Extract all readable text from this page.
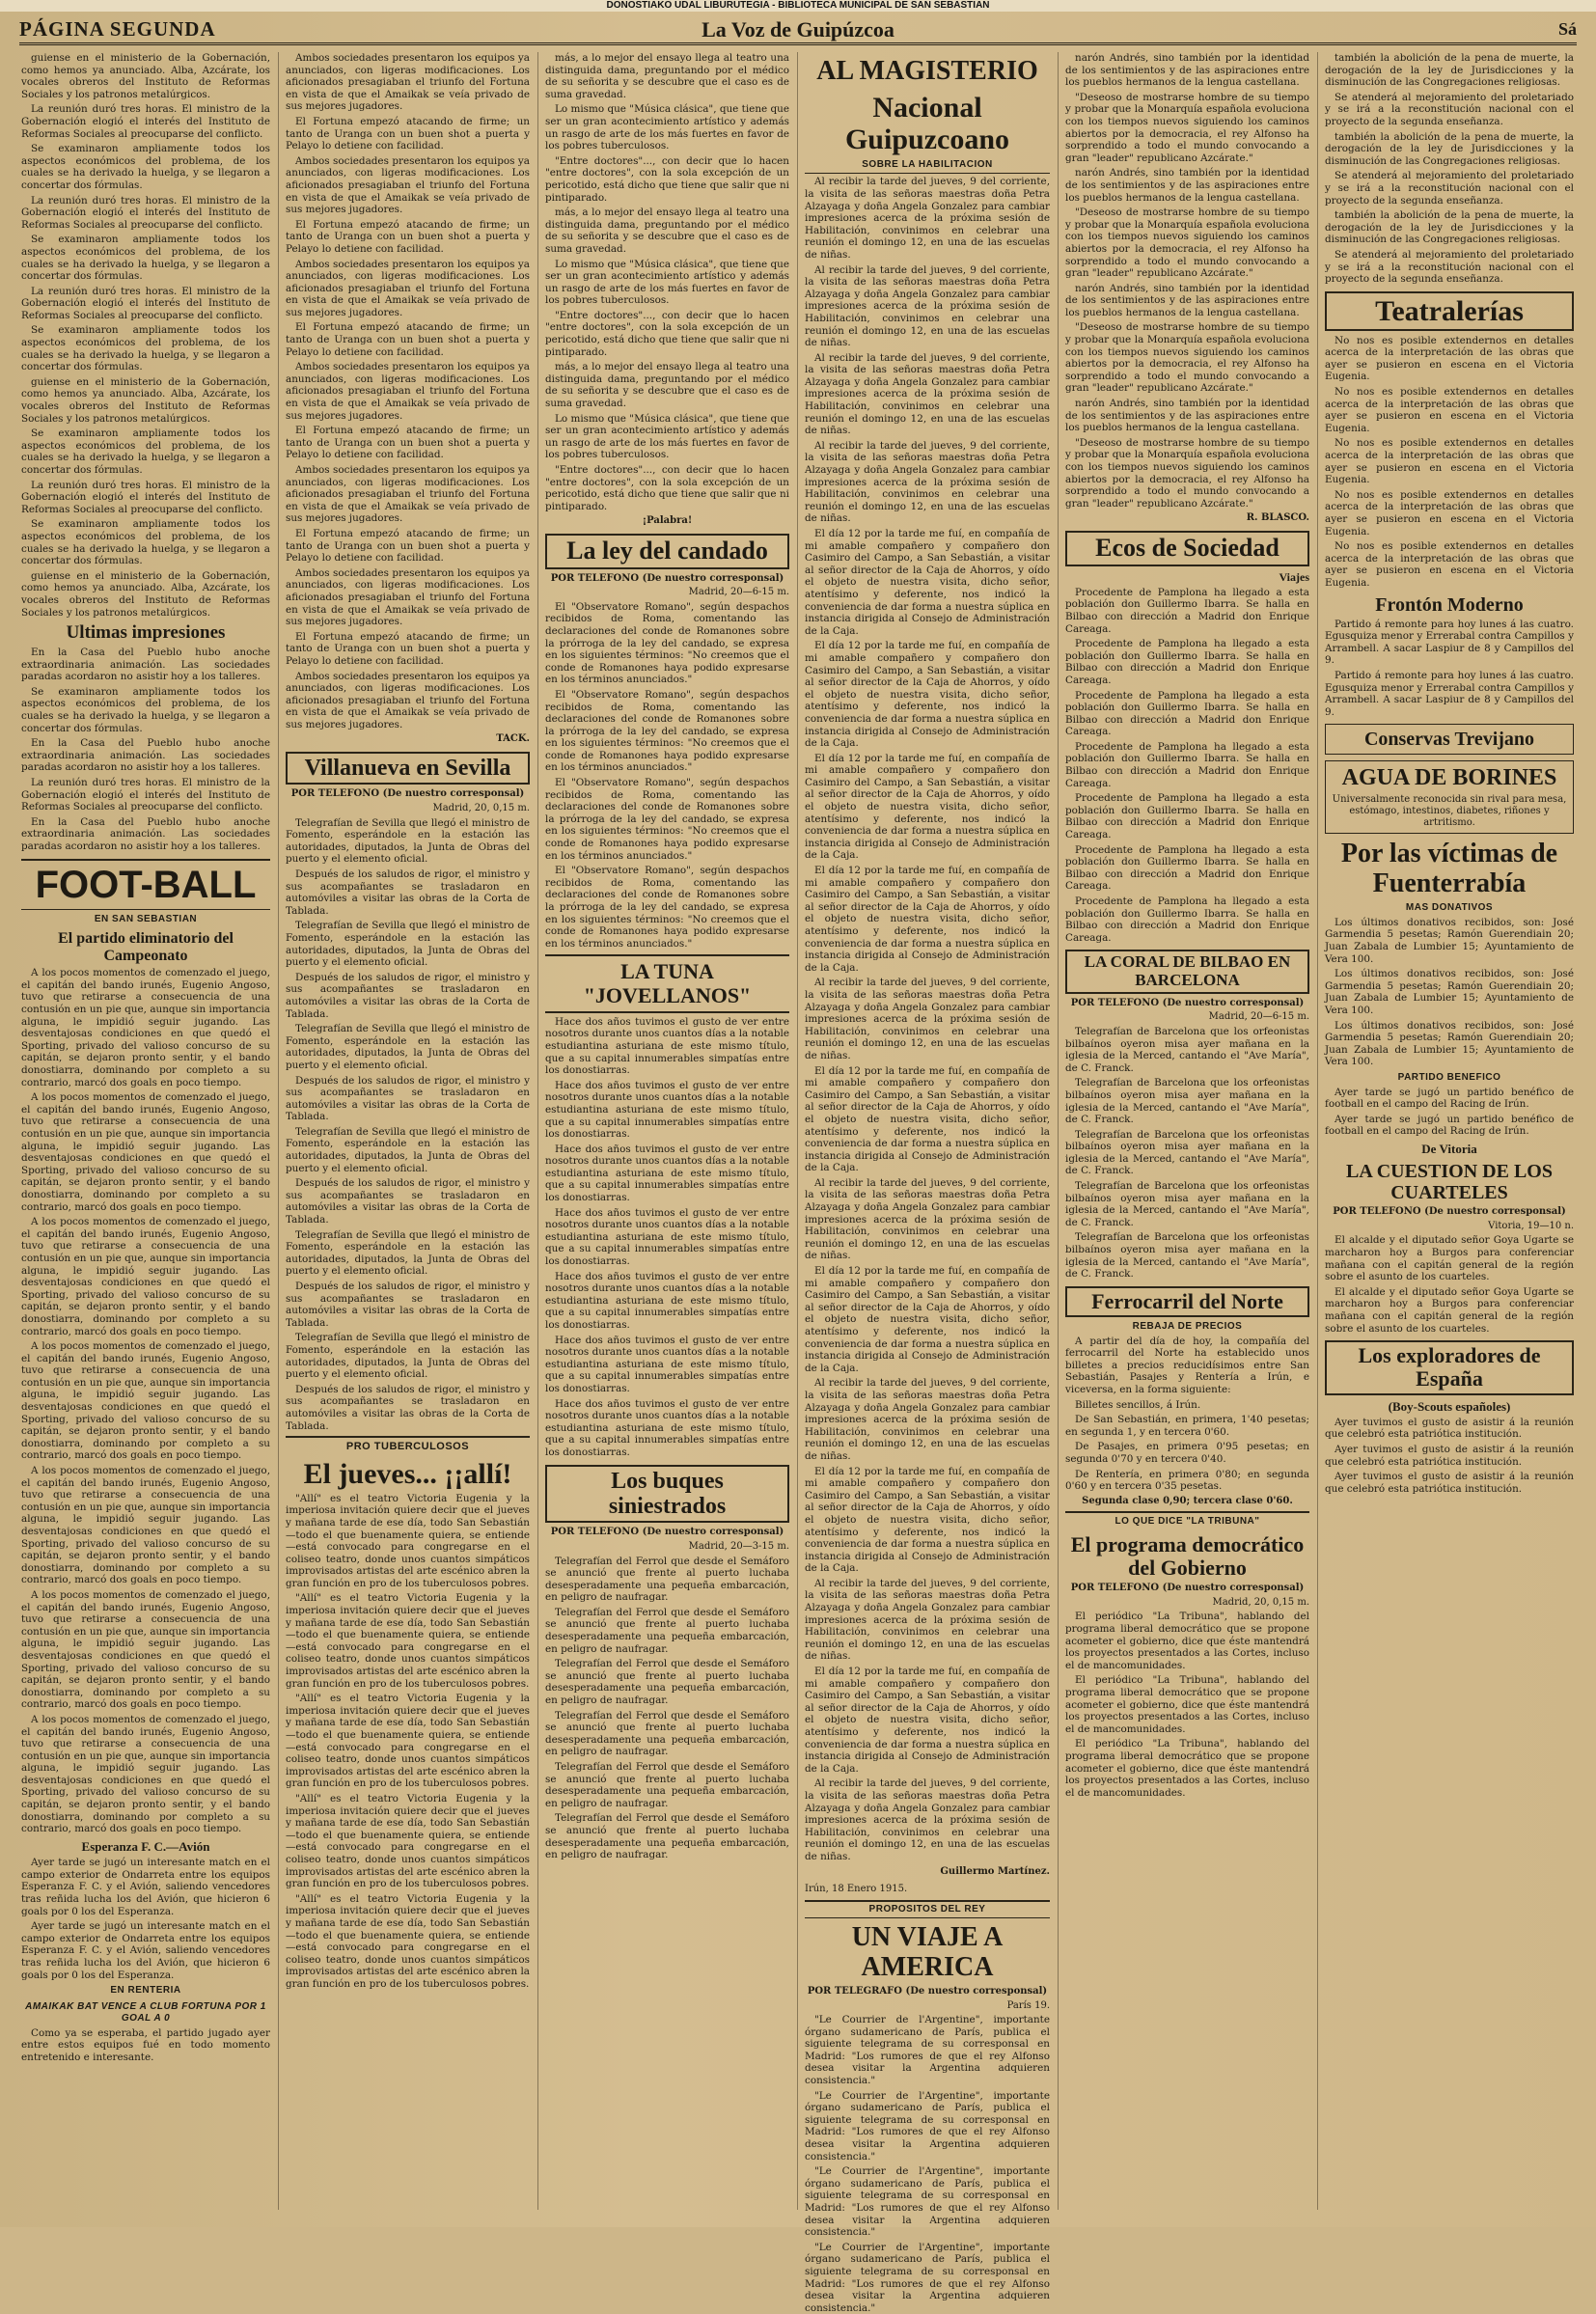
DONOSTIAKO UDAL LIBURUTEGIA - BIBLIOTECA MUNICIPAL DE SAN SEBASTIAN
PÁGINA SEGUNDA	La Voz de Guipúzcoa	Sá

guiense en el ministerio de la Gobernación, como hemos ya anunciado. Alba, Azcárate, los vocales obreros del Instituto de Reformas Sociales y los patronos metalúrgicos.

La reunión duró tres horas. El ministro de la Gobernación elogió el interés del Instituto de Reformas Sociales al preocuparse del conflicto.

Se examinaron ampliamente todos los aspectos económicos del problema, de los cuales se ha derivado la huelga, y se llegaron a concertar dos fórmulas.

La reunión duró tres horas. El ministro de la Gobernación elogió el interés del Instituto de Reformas Sociales al preocuparse del conflicto.

Se examinaron ampliamente todos los aspectos económicos del problema, de los cuales se ha derivado la huelga, y se llegaron a concertar dos fórmulas.

La reunión duró tres horas. El ministro de la Gobernación elogió el interés del Instituto de Reformas Sociales al preocuparse del conflicto.

Se examinaron ampliamente todos los aspectos económicos del problema, de los cuales se ha derivado la huelga, y se llegaron a concertar dos fórmulas.

guiense en el ministerio de la Gobernación, como hemos ya anunciado. Alba, Azcárate, los vocales obreros del Instituto de Reformas Sociales y los patronos metalúrgicos.

Se examinaron ampliamente todos los aspectos económicos del problema, de los cuales se ha derivado la huelga, y se llegaron a concertar dos fórmulas.

La reunión duró tres horas. El ministro de la Gobernación elogió el interés del Instituto de Reformas Sociales al preocuparse del conflicto.

Se examinaron ampliamente todos los aspectos económicos del problema, de los cuales se ha derivado la huelga, y se llegaron a concertar dos fórmulas.

guiense en el ministerio de la Gobernación, como hemos ya anunciado. Alba, Azcárate, los vocales obreros del Instituto de Reformas Sociales y los patronos metalúrgicos.

Ultimas impresiones

En la Casa del Pueblo hubo anoche extraordinaria animación. Las sociedades paradas acordaron no asistir hoy a los talleres.

Se examinaron ampliamente todos los aspectos económicos del problema, de los cuales se ha derivado la huelga, y se llegaron a concertar dos fórmulas.

En la Casa del Pueblo hubo anoche extraordinaria animación. Las sociedades paradas acordaron no asistir hoy a los talleres.

La reunión duró tres horas. El ministro de la Gobernación elogió el interés del Instituto de Reformas Sociales al preocuparse del conflicto.

En la Casa del Pueblo hubo anoche extraordinaria animación. Las sociedades paradas acordaron no asistir hoy a los talleres.

FOOT-BALL
EN SAN SEBASTIAN
El partido eliminatorio del Campeonato

A los pocos momentos de comenzado el juego, el capitán del bando irunés, Eugenio Angoso, tuvo que retirarse a consecuencia de una contusión en un pie que, aunque sin importancia alguna, le impidió seguir jugando. Las desventajosas condiciones en que quedó el Sporting, privado del valioso concurso de su capitán, se dejaron pronto sentir, y el bando donostiarra, dominando por completo a su contrario, marcó dos goals en poco tiempo.

A los pocos momentos de comenzado el juego, el capitán del bando irunés, Eugenio Angoso, tuvo que retirarse a consecuencia de una contusión en un pie que, aunque sin importancia alguna, le impidió seguir jugando. Las desventajosas condiciones en que quedó el Sporting, privado del valioso concurso de su capitán, se dejaron pronto sentir, y el bando donostiarra, dominando por completo a su contrario, marcó dos goals en poco tiempo.

A los pocos momentos de comenzado el juego, el capitán del bando irunés, Eugenio Angoso, tuvo que retirarse a consecuencia de una contusión en un pie que, aunque sin importancia alguna, le impidió seguir jugando. Las desventajosas condiciones en que quedó el Sporting, privado del valioso concurso de su capitán, se dejaron pronto sentir, y el bando donostiarra, dominando por completo a su contrario, marcó dos goals en poco tiempo.

A los pocos momentos de comenzado el juego, el capitán del bando irunés, Eugenio Angoso, tuvo que retirarse a consecuencia de una contusión en un pie que, aunque sin importancia alguna, le impidió seguir jugando. Las desventajosas condiciones en que quedó el Sporting, privado del valioso concurso de su capitán, se dejaron pronto sentir, y el bando donostiarra, dominando por completo a su contrario, marcó dos goals en poco tiempo.

A los pocos momentos de comenzado el juego, el capitán del bando irunés, Eugenio Angoso, tuvo que retirarse a consecuencia de una contusión en un pie que, aunque sin importancia alguna, le impidió seguir jugando. Las desventajosas condiciones en que quedó el Sporting, privado del valioso concurso de su capitán, se dejaron pronto sentir, y el bando donostiarra, dominando por completo a su contrario, marcó dos goals en poco tiempo.

A los pocos momentos de comenzado el juego, el capitán del bando irunés, Eugenio Angoso, tuvo que retirarse a consecuencia de una contusión en un pie que, aunque sin importancia alguna, le impidió seguir jugando. Las desventajosas condiciones en que quedó el Sporting, privado del valioso concurso de su capitán, se dejaron pronto sentir, y el bando donostiarra, dominando por completo a su contrario, marcó dos goals en poco tiempo.

A los pocos momentos de comenzado el juego, el capitán del bando irunés, Eugenio Angoso, tuvo que retirarse a consecuencia de una contusión en un pie que, aunque sin importancia alguna, le impidió seguir jugando. Las desventajosas condiciones en que quedó el Sporting, privado del valioso concurso de su capitán, se dejaron pronto sentir, y el bando donostiarra, dominando por completo a su contrario, marcó dos goals en poco tiempo.

Esperanza F. C.—Avión

Ayer tarde se jugó un interesante match en el campo exterior de Ondarreta entre los equipos Esperanza F. C. y el Avión, saliendo vencedores tras reñida lucha los del Avión, que hicieron 6 goals por 0 los del Esperanza.

Ayer tarde se jugó un interesante match en el campo exterior de Ondarreta entre los equipos Esperanza F. C. y el Avión, saliendo vencedores tras reñida lucha los del Avión, que hicieron 6 goals por 0 los del Esperanza.

EN RENTERIA
AMAIKAK BAT VENCE A CLUB FORTUNA POR 1 GOAL A 0

Como ya se esperaba, el partido jugado ayer entre estos equipos fué en todo momento entretenido e interesante.

Ambos sociedades presentaron los equipos ya anunciados, con ligeras modificaciones. Los aficionados presagiaban el triunfo del Fortuna en vista de que el Amaikak se veía privado de sus mejores jugadores.

El Fortuna empezó atacando de firme; un tanto de Uranga con un buen shot a puerta y Pelayo lo detiene con facilidad.

Ambos sociedades presentaron los equipos ya anunciados, con ligeras modificaciones. Los aficionados presagiaban el triunfo del Fortuna en vista de que el Amaikak se veía privado de sus mejores jugadores.

El Fortuna empezó atacando de firme; un tanto de Uranga con un buen shot a puerta y Pelayo lo detiene con facilidad.

Ambos sociedades presentaron los equipos ya anunciados, con ligeras modificaciones. Los aficionados presagiaban el triunfo del Fortuna en vista de que el Amaikak se veía privado de sus mejores jugadores.

El Fortuna empezó atacando de firme; un tanto de Uranga con un buen shot a puerta y Pelayo lo detiene con facilidad.

Ambos sociedades presentaron los equipos ya anunciados, con ligeras modificaciones. Los aficionados presagiaban el triunfo del Fortuna en vista de que el Amaikak se veía privado de sus mejores jugadores.

El Fortuna empezó atacando de firme; un tanto de Uranga con un buen shot a puerta y Pelayo lo detiene con facilidad.

Ambos sociedades presentaron los equipos ya anunciados, con ligeras modificaciones. Los aficionados presagiaban el triunfo del Fortuna en vista de que el Amaikak se veía privado de sus mejores jugadores.

El Fortuna empezó atacando de firme; un tanto de Uranga con un buen shot a puerta y Pelayo lo detiene con facilidad.

Ambos sociedades presentaron los equipos ya anunciados, con ligeras modificaciones. Los aficionados presagiaban el triunfo del Fortuna en vista de que el Amaikak se veía privado de sus mejores jugadores.

El Fortuna empezó atacando de firme; un tanto de Uranga con un buen shot a puerta y Pelayo lo detiene con facilidad.

Ambos sociedades presentaron los equipos ya anunciados, con ligeras modificaciones. Los aficionados presagiaban el triunfo del Fortuna en vista de que el Amaikak se veía privado de sus mejores jugadores.

TACK.
Villanueva en Sevilla
POR TELEFONO (De nuestro corresponsal)
Madrid, 20, 0,15 m.

Telegrafían de Sevilla que llegó el ministro de Fomento, esperándole en la estación las autoridades, diputados, la Junta de Obras del puerto y el elemento oficial.

Después de los saludos de rigor, el ministro y sus acompañantes se trasladaron en automóviles a visitar las obras de la Corta de Tablada.

Telegrafían de Sevilla que llegó el ministro de Fomento, esperándole en la estación las autoridades, diputados, la Junta de Obras del puerto y el elemento oficial.

Después de los saludos de rigor, el ministro y sus acompañantes se trasladaron en automóviles a visitar las obras de la Corta de Tablada.

Telegrafían de Sevilla que llegó el ministro de Fomento, esperándole en la estación las autoridades, diputados, la Junta de Obras del puerto y el elemento oficial.

Después de los saludos de rigor, el ministro y sus acompañantes se trasladaron en automóviles a visitar las obras de la Corta de Tablada.

Telegrafían de Sevilla que llegó el ministro de Fomento, esperándole en la estación las autoridades, diputados, la Junta de Obras del puerto y el elemento oficial.

Después de los saludos de rigor, el ministro y sus acompañantes se trasladaron en automóviles a visitar las obras de la Corta de Tablada.

Telegrafían de Sevilla que llegó el ministro de Fomento, esperándole en la estación las autoridades, diputados, la Junta de Obras del puerto y el elemento oficial.

Después de los saludos de rigor, el ministro y sus acompañantes se trasladaron en automóviles a visitar las obras de la Corta de Tablada.

Telegrafían de Sevilla que llegó el ministro de Fomento, esperándole en la estación las autoridades, diputados, la Junta de Obras del puerto y el elemento oficial.

Después de los saludos de rigor, el ministro y sus acompañantes se trasladaron en automóviles a visitar las obras de la Corta de Tablada.

PRO TUBERCULOSOS
El jueves... ¡¡allí!

"Allí" es el teatro Victoria Eugenia y la imperiosa invitación quiere decir que el jueves y mañana tarde de ese día, todo San Sebastián—todo el que buenamente quiera, se entiende—está convocado para congregarse en el coliseo teatro, donde unos cuantos simpáticos improvisados artistas del arte escénico abren la gran función en pro de los tuberculosos pobres.

"Allí" es el teatro Victoria Eugenia y la imperiosa invitación quiere decir que el jueves y mañana tarde de ese día, todo San Sebastián—todo el que buenamente quiera, se entiende—está convocado para congregarse en el coliseo teatro, donde unos cuantos simpáticos improvisados artistas del arte escénico abren la gran función en pro de los tuberculosos pobres.

"Allí" es el teatro Victoria Eugenia y la imperiosa invitación quiere decir que el jueves y mañana tarde de ese día, todo San Sebastián—todo el que buenamente quiera, se entiende—está convocado para congregarse en el coliseo teatro, donde unos cuantos simpáticos improvisados artistas del arte escénico abren la gran función en pro de los tuberculosos pobres.

"Allí" es el teatro Victoria Eugenia y la imperiosa invitación quiere decir que el jueves y mañana tarde de ese día, todo San Sebastián—todo el que buenamente quiera, se entiende—está convocado para congregarse en el coliseo teatro, donde unos cuantos simpáticos improvisados artistas del arte escénico abren la gran función en pro de los tuberculosos pobres.

"Allí" es el teatro Victoria Eugenia y la imperiosa invitación quiere decir que el jueves y mañana tarde de ese día, todo San Sebastián—todo el que buenamente quiera, se entiende—está convocado para congregarse en el coliseo teatro, donde unos cuantos simpáticos improvisados artistas del arte escénico abren la gran función en pro de los tuberculosos pobres.

más, a lo mejor del ensayo llega al teatro una distinguida dama, preguntando por el médico de su señorita y se descubre que el caso es de suma gravedad.

Lo mismo que "Música clásica", que tiene que ser un gran acontecimiento artístico y además un rasgo de arte de los más fuertes en favor de los pobres tuberculosos.

"Entre doctores"..., con decir que lo hacen "entre doctores", con la sola excepción de un pericotido, está dicho que tiene que salir que ni pintiparado.

más, a lo mejor del ensayo llega al teatro una distinguida dama, preguntando por el médico de su señorita y se descubre que el caso es de suma gravedad.

Lo mismo que "Música clásica", que tiene que ser un gran acontecimiento artístico y además un rasgo de arte de los más fuertes en favor de los pobres tuberculosos.

"Entre doctores"..., con decir que lo hacen "entre doctores", con la sola excepción de un pericotido, está dicho que tiene que salir que ni pintiparado.

más, a lo mejor del ensayo llega al teatro una distinguida dama, preguntando por el médico de su señorita y se descubre que el caso es de suma gravedad.

Lo mismo que "Música clásica", que tiene que ser un gran acontecimiento artístico y además un rasgo de arte de los más fuertes en favor de los pobres tuberculosos.

"Entre doctores"..., con decir que lo hacen "entre doctores", con la sola excepción de un pericotido, está dicho que tiene que salir que ni pintiparado.

¡Palabra!
La ley del candado
POR TELEFONO (De nuestro corresponsal)
Madrid, 20—6-15 m.

El "Observatore Romano", según despachos recibidos de Roma, comentando las declaraciones del conde de Romanones sobre la prórroga de la ley del candado, se expresa en los siguientes términos: "No creemos que el conde de Romanones haya podido expresarse en los términos anunciados."

El "Observatore Romano", según despachos recibidos de Roma, comentando las declaraciones del conde de Romanones sobre la prórroga de la ley del candado, se expresa en los siguientes términos: "No creemos que el conde de Romanones haya podido expresarse en los términos anunciados."

El "Observatore Romano", según despachos recibidos de Roma, comentando las declaraciones del conde de Romanones sobre la prórroga de la ley del candado, se expresa en los siguientes términos: "No creemos que el conde de Romanones haya podido expresarse en los términos anunciados."

El "Observatore Romano", según despachos recibidos de Roma, comentando las declaraciones del conde de Romanones sobre la prórroga de la ley del candado, se expresa en los siguientes términos: "No creemos que el conde de Romanones haya podido expresarse en los términos anunciados."

LA TUNA "JOVELLANOS"

Hace dos años tuvimos el gusto de ver entre nosotros durante unos cuantos días a la notable estudiantina asturiana de este mismo título, que a su capital innumerables simpatías entre los donostiarras.

Hace dos años tuvimos el gusto de ver entre nosotros durante unos cuantos días a la notable estudiantina asturiana de este mismo título, que a su capital innumerables simpatías entre los donostiarras.

Hace dos años tuvimos el gusto de ver entre nosotros durante unos cuantos días a la notable estudiantina asturiana de este mismo título, que a su capital innumerables simpatías entre los donostiarras.

Hace dos años tuvimos el gusto de ver entre nosotros durante unos cuantos días a la notable estudiantina asturiana de este mismo título, que a su capital innumerables simpatías entre los donostiarras.

Hace dos años tuvimos el gusto de ver entre nosotros durante unos cuantos días a la notable estudiantina asturiana de este mismo título, que a su capital innumerables simpatías entre los donostiarras.

Hace dos años tuvimos el gusto de ver entre nosotros durante unos cuantos días a la notable estudiantina asturiana de este mismo título, que a su capital innumerables simpatías entre los donostiarras.

Hace dos años tuvimos el gusto de ver entre nosotros durante unos cuantos días a la notable estudiantina asturiana de este mismo título, que a su capital innumerables simpatías entre los donostiarras.

Los buques siniestrados
POR TELEFONO (De nuestro corresponsal)
Madrid, 20—3-15 m.

Telegrafían del Ferrol que desde el Semáforo se anunció que frente al puerto luchaba desesperadamente una pequeña embarcación, en peligro de naufragar.

Telegrafían del Ferrol que desde el Semáforo se anunció que frente al puerto luchaba desesperadamente una pequeña embarcación, en peligro de naufragar.

Telegrafían del Ferrol que desde el Semáforo se anunció que frente al puerto luchaba desesperadamente una pequeña embarcación, en peligro de naufragar.

Telegrafían del Ferrol que desde el Semáforo se anunció que frente al puerto luchaba desesperadamente una pequeña embarcación, en peligro de naufragar.

Telegrafían del Ferrol que desde el Semáforo se anunció que frente al puerto luchaba desesperadamente una pequeña embarcación, en peligro de naufragar.

Telegrafían del Ferrol que desde el Semáforo se anunció que frente al puerto luchaba desesperadamente una pequeña embarcación, en peligro de naufragar.

AL MAGISTERIO
Nacional Guipuzcoano
SOBRE LA HABILITACION

Al recibir la tarde del jueves, 9 del corriente, la visita de las señoras maestras doña Petra Alzayaga y doña Angela Gonzalez para cambiar impresiones acerca de la próxima sesión de Habilitación, convinimos en celebrar una reunión el domingo 12, en una de las escuelas de niñas.

Al recibir la tarde del jueves, 9 del corriente, la visita de las señoras maestras doña Petra Alzayaga y doña Angela Gonzalez para cambiar impresiones acerca de la próxima sesión de Habilitación, convinimos en celebrar una reunión el domingo 12, en una de las escuelas de niñas.

Al recibir la tarde del jueves, 9 del corriente, la visita de las señoras maestras doña Petra Alzayaga y doña Angela Gonzalez para cambiar impresiones acerca de la próxima sesión de Habilitación, convinimos en celebrar una reunión el domingo 12, en una de las escuelas de niñas.

Al recibir la tarde del jueves, 9 del corriente, la visita de las señoras maestras doña Petra Alzayaga y doña Angela Gonzalez para cambiar impresiones acerca de la próxima sesión de Habilitación, convinimos en celebrar una reunión el domingo 12, en una de las escuelas de niñas.

El día 12 por la tarde me fuí, en compañía de mi amable compañero y compañero don Casimiro del Campo, a San Sebastián, a visitar al señor director de la Caja de Ahorros, y oído el objeto de nuestra visita, dicho señor, atentísimo y deferente, nos indicó la conveniencia de dar forma a nuestra súplica en instancia dirigida al Consejo de Administración de la Caja.

El día 12 por la tarde me fuí, en compañía de mi amable compañero y compañero don Casimiro del Campo, a San Sebastián, a visitar al señor director de la Caja de Ahorros, y oído el objeto de nuestra visita, dicho señor, atentísimo y deferente, nos indicó la conveniencia de dar forma a nuestra súplica en instancia dirigida al Consejo de Administración de la Caja.

El día 12 por la tarde me fuí, en compañía de mi amable compañero y compañero don Casimiro del Campo, a San Sebastián, a visitar al señor director de la Caja de Ahorros, y oído el objeto de nuestra visita, dicho señor, atentísimo y deferente, nos indicó la conveniencia de dar forma a nuestra súplica en instancia dirigida al Consejo de Administración de la Caja.

El día 12 por la tarde me fuí, en compañía de mi amable compañero y compañero don Casimiro del Campo, a San Sebastián, a visitar al señor director de la Caja de Ahorros, y oído el objeto de nuestra visita, dicho señor, atentísimo y deferente, nos indicó la conveniencia de dar forma a nuestra súplica en instancia dirigida al Consejo de Administración de la Caja.

Al recibir la tarde del jueves, 9 del corriente, la visita de las señoras maestras doña Petra Alzayaga y doña Angela Gonzalez para cambiar impresiones acerca de la próxima sesión de Habilitación, convinimos en celebrar una reunión el domingo 12, en una de las escuelas de niñas.

El día 12 por la tarde me fuí, en compañía de mi amable compañero y compañero don Casimiro del Campo, a San Sebastián, a visitar al señor director de la Caja de Ahorros, y oído el objeto de nuestra visita, dicho señor, atentísimo y deferente, nos indicó la conveniencia de dar forma a nuestra súplica en instancia dirigida al Consejo de Administración de la Caja.

Al recibir la tarde del jueves, 9 del corriente, la visita de las señoras maestras doña Petra Alzayaga y doña Angela Gonzalez para cambiar impresiones acerca de la próxima sesión de Habilitación, convinimos en celebrar una reunión el domingo 12, en una de las escuelas de niñas.

El día 12 por la tarde me fuí, en compañía de mi amable compañero y compañero don Casimiro del Campo, a San Sebastián, a visitar al señor director de la Caja de Ahorros, y oído el objeto de nuestra visita, dicho señor, atentísimo y deferente, nos indicó la conveniencia de dar forma a nuestra súplica en instancia dirigida al Consejo de Administración de la Caja.

Al recibir la tarde del jueves, 9 del corriente, la visita de las señoras maestras doña Petra Alzayaga y doña Angela Gonzalez para cambiar impresiones acerca de la próxima sesión de Habilitación, convinimos en celebrar una reunión el domingo 12, en una de las escuelas de niñas.

El día 12 por la tarde me fuí, en compañía de mi amable compañero y compañero don Casimiro del Campo, a San Sebastián, a visitar al señor director de la Caja de Ahorros, y oído el objeto de nuestra visita, dicho señor, atentísimo y deferente, nos indicó la conveniencia de dar forma a nuestra súplica en instancia dirigida al Consejo de Administración de la Caja.

Al recibir la tarde del jueves, 9 del corriente, la visita de las señoras maestras doña Petra Alzayaga y doña Angela Gonzalez para cambiar impresiones acerca de la próxima sesión de Habilitación, convinimos en celebrar una reunión el domingo 12, en una de las escuelas de niñas.

El día 12 por la tarde me fuí, en compañía de mi amable compañero y compañero don Casimiro del Campo, a San Sebastián, a visitar al señor director de la Caja de Ahorros, y oído el objeto de nuestra visita, dicho señor, atentísimo y deferente, nos indicó la conveniencia de dar forma a nuestra súplica en instancia dirigida al Consejo de Administración de la Caja.

Al recibir la tarde del jueves, 9 del corriente, la visita de las señoras maestras doña Petra Alzayaga y doña Angela Gonzalez para cambiar impresiones acerca de la próxima sesión de Habilitación, convinimos en celebrar una reunión el domingo 12, en una de las escuelas de niñas.

Guillermo Martínez.
Irún, 18 Enero 1915.
PROPOSITOS DEL REY
UN VIAJE A AMERICA
POR TELEGRAFO (De nuestro corresponsal)
París 19.

"Le Courrier de l'Argentine", importante órgano sudamericano de París, publica el siguiente telegrama de su corresponsal en Madrid: "Los rumores de que el rey Alfonso desea visitar la Argentina adquieren consistencia."

"Le Courrier de l'Argentine", importante órgano sudamericano de París, publica el siguiente telegrama de su corresponsal en Madrid: "Los rumores de que el rey Alfonso desea visitar la Argentina adquieren consistencia."

"Le Courrier de l'Argentine", importante órgano sudamericano de París, publica el siguiente telegrama de su corresponsal en Madrid: "Los rumores de que el rey Alfonso desea visitar la Argentina adquieren consistencia."

"Le Courrier de l'Argentine", importante órgano sudamericano de París, publica el siguiente telegrama de su corresponsal en Madrid: "Los rumores de que el rey Alfonso desea visitar la Argentina adquieren consistencia."

narón Andrés, sino también por la identidad de los sentimientos y de las aspiraciones entre los pueblos hermanos de la lengua castellana.

"Deseoso de mostrarse hombre de su tiempo y probar que la Monarquía española evoluciona con los tiempos nuevos siguiendo los caminos abiertos por la democracia, el rey Alfonso ha sorprendido a todo el mundo convocando a gran "leader" republicano Azcárate."

narón Andrés, sino también por la identidad de los sentimientos y de las aspiraciones entre los pueblos hermanos de la lengua castellana.

"Deseoso de mostrarse hombre de su tiempo y probar que la Monarquía española evoluciona con los tiempos nuevos siguiendo los caminos abiertos por la democracia, el rey Alfonso ha sorprendido a todo el mundo convocando a gran "leader" republicano Azcárate."

narón Andrés, sino también por la identidad de los sentimientos y de las aspiraciones entre los pueblos hermanos de la lengua castellana.

"Deseoso de mostrarse hombre de su tiempo y probar que la Monarquía española evoluciona con los tiempos nuevos siguiendo los caminos abiertos por la democracia, el rey Alfonso ha sorprendido a todo el mundo convocando a gran "leader" republicano Azcárate."

narón Andrés, sino también por la identidad de los sentimientos y de las aspiraciones entre los pueblos hermanos de la lengua castellana.

"Deseoso de mostrarse hombre de su tiempo y probar que la Monarquía española evoluciona con los tiempos nuevos siguiendo los caminos abiertos por la democracia, el rey Alfonso ha sorprendido a todo el mundo convocando a gran "leader" republicano Azcárate."

R. BLASCO.
Ecos de Sociedad
Viajes

Procedente de Pamplona ha llegado a esta población don Guillermo Ibarra. Se halla en Bilbao con dirección a Madrid don Enrique Careaga.

Procedente de Pamplona ha llegado a esta población don Guillermo Ibarra. Se halla en Bilbao con dirección a Madrid don Enrique Careaga.

Procedente de Pamplona ha llegado a esta población don Guillermo Ibarra. Se halla en Bilbao con dirección a Madrid don Enrique Careaga.

Procedente de Pamplona ha llegado a esta población don Guillermo Ibarra. Se halla en Bilbao con dirección a Madrid don Enrique Careaga.

Procedente de Pamplona ha llegado a esta población don Guillermo Ibarra. Se halla en Bilbao con dirección a Madrid don Enrique Careaga.

Procedente de Pamplona ha llegado a esta población don Guillermo Ibarra. Se halla en Bilbao con dirección a Madrid don Enrique Careaga.

Procedente de Pamplona ha llegado a esta población don Guillermo Ibarra. Se halla en Bilbao con dirección a Madrid don Enrique Careaga.

LA CORAL DE BILBAO EN BARCELONA
POR TELEFONO (De nuestro corresponsal)
Madrid, 20—6-15 m.

Telegrafían de Barcelona que los orfeonistas bilbaínos oyeron misa ayer mañana en la iglesia de la Merced, cantando el "Ave María", de C. Franck.

Telegrafían de Barcelona que los orfeonistas bilbaínos oyeron misa ayer mañana en la iglesia de la Merced, cantando el "Ave María", de C. Franck.

Telegrafían de Barcelona que los orfeonistas bilbaínos oyeron misa ayer mañana en la iglesia de la Merced, cantando el "Ave María", de C. Franck.

Telegrafían de Barcelona que los orfeonistas bilbaínos oyeron misa ayer mañana en la iglesia de la Merced, cantando el "Ave María", de C. Franck.

Telegrafían de Barcelona que los orfeonistas bilbaínos oyeron misa ayer mañana en la iglesia de la Merced, cantando el "Ave María", de C. Franck.

Ferrocarril del Norte
REBAJA DE PRECIOS

A partir del día de hoy, la compañía del ferrocarril del Norte ha establecido unos billetes a precios reducidísimos entre San Sebastián, Pasajes y Rentería a Irún, e viceversa, en la forma siguiente:

Billetes sencillos, á Irún.

De San Sebastián, en primera, 1'40 pesetas; en segunda 1, y en tercera 0'60.

De Pasajes, en primera 0'95 pesetas; en segunda 0'70 y en tercera 0'40.

De Rentería, en primera 0'80; en segunda 0'60 y en tercera 0'35 pesetas.

Segunda clase 0,90; tercera clase 0'60.
LO QUE DICE "LA TRIBUNA"
El programa democrático del Gobierno
POR TELEFONO (De nuestro corresponsal)
Madrid, 20, 0,15 m.

El periódico "La Tribuna", hablando del programa liberal democrático que se propone acometer el gobierno, dice que éste mantendrá los proyectos presentados a las Cortes, incluso el de mancomunidades.

El periódico "La Tribuna", hablando del programa liberal democrático que se propone acometer el gobierno, dice que éste mantendrá los proyectos presentados a las Cortes, incluso el de mancomunidades.

El periódico "La Tribuna", hablando del programa liberal democrático que se propone acometer el gobierno, dice que éste mantendrá los proyectos presentados a las Cortes, incluso el de mancomunidades.

también la abolición de la pena de muerte, la derogación de la ley de Jurisdicciones y la disminución de las Congregaciones religiosas.

Se atenderá al mejoramiento del proletariado y se irá a la reconstitución nacional con el proyecto de la segunda enseñanza.

también la abolición de la pena de muerte, la derogación de la ley de Jurisdicciones y la disminución de las Congregaciones religiosas.

Se atenderá al mejoramiento del proletariado y se irá a la reconstitución nacional con el proyecto de la segunda enseñanza.

también la abolición de la pena de muerte, la derogación de la ley de Jurisdicciones y la disminución de las Congregaciones religiosas.

Se atenderá al mejoramiento del proletariado y se irá a la reconstitución nacional con el proyecto de la segunda enseñanza.

Teatralerías

No nos es posible extendernos en detalles acerca de la interpretación de las obras que ayer se pusieron en escena en el Victoria Eugenia.

No nos es posible extendernos en detalles acerca de la interpretación de las obras que ayer se pusieron en escena en el Victoria Eugenia.

No nos es posible extendernos en detalles acerca de la interpretación de las obras que ayer se pusieron en escena en el Victoria Eugenia.

No nos es posible extendernos en detalles acerca de la interpretación de las obras que ayer se pusieron en escena en el Victoria Eugenia.

No nos es posible extendernos en detalles acerca de la interpretación de las obras que ayer se pusieron en escena en el Victoria Eugenia.

Frontón Moderno

Partido á remonte para hoy lunes á las cuatro. Egusquiza menor y Errerabal contra Campillos y Arrambell. A sacar Laspiur de 8 y Campillos del 9.

Partido á remonte para hoy lunes á las cuatro. Egusquiza menor y Errerabal contra Campillos y Arrambell. A sacar Laspiur de 8 y Campillos del 9.

Conservas Trevijano
AGUA DE BORINES
Universalmente reconocida sin rival para mesa, estómago, intestinos, diabetes, riñones y artritismo.
Por las víctimas de Fuenterrabía
MAS DONATIVOS

Los últimos donativos recibidos, son: José Garmendia 5 pesetas; Ramón Guerendiain 20; Juan Zabala de Lumbier 15; Ayuntamiento de Vera 100.

Los últimos donativos recibidos, son: José Garmendia 5 pesetas; Ramón Guerendiain 20; Juan Zabala de Lumbier 15; Ayuntamiento de Vera 100.

Los últimos donativos recibidos, son: José Garmendia 5 pesetas; Ramón Guerendiain 20; Juan Zabala de Lumbier 15; Ayuntamiento de Vera 100.

PARTIDO BENEFICO

Ayer tarde se jugó un partido benéfico de football en el campo del Racing de Irún.

Ayer tarde se jugó un partido benéfico de football en el campo del Racing de Irún.

De Vitoria
LA CUESTION DE LOS CUARTELES
POR TELEFONO (De nuestro corresponsal)
Vitoria, 19—10 n.

El alcalde y el diputado señor Goya Ugarte se marcharon hoy a Burgos para conferenciar mañana con el capitán general de la región sobre el asunto de los cuarteles.

El alcalde y el diputado señor Goya Ugarte se marcharon hoy a Burgos para conferenciar mañana con el capitán general de la región sobre el asunto de los cuarteles.

Los exploradores de España
(Boy-Scouts españoles)

Ayer tuvimos el gusto de asistir á la reunión que celebró esta patriótica institución.

Ayer tuvimos el gusto de asistir á la reunión que celebró esta patriótica institución.

Ayer tuvimos el gusto de asistir á la reunión que celebró esta patriótica institución.
